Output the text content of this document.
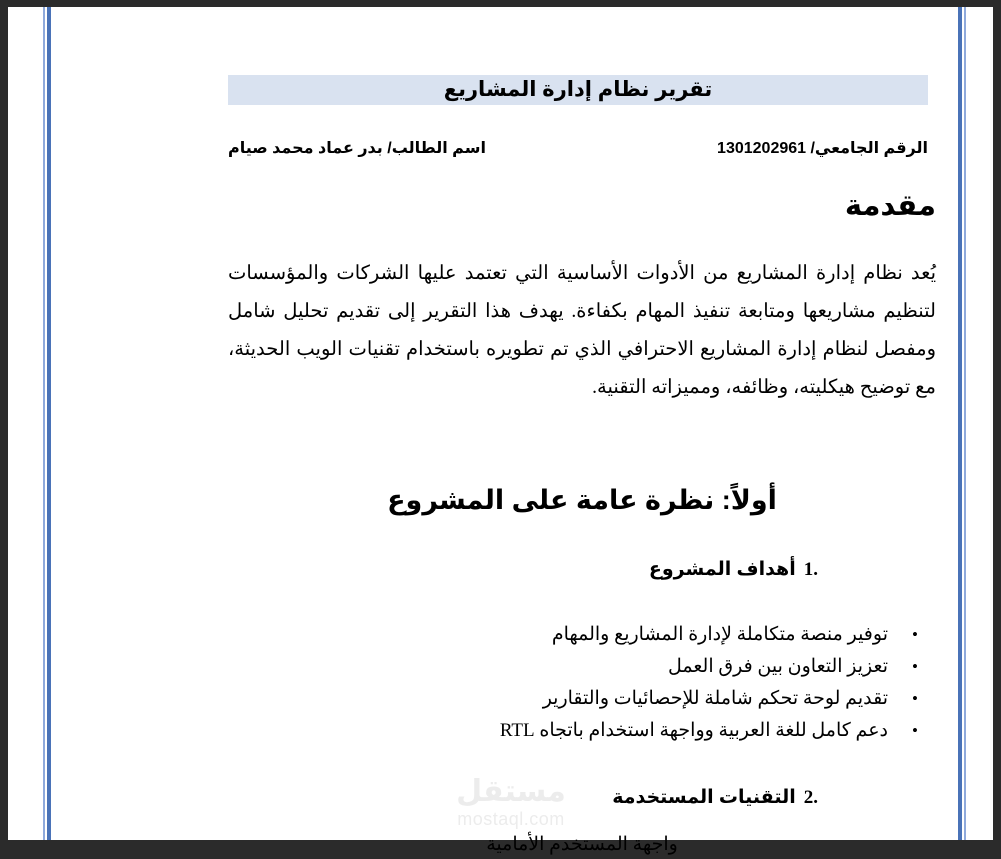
تقرير نظام إدارة المشاريع
الرقم الجامعي/ 1301202961
اسم الطالب/ بدر عماد محمد صيام
مقدمة
يُعد نظام إدارة المشاريع من الأدوات الأساسية التي تعتمد عليها الشركات والمؤسسات لتنظيم مشاريعها ومتابعة تنفيذ المهام بكفاءة. يهدف هذا التقرير إلى تقديم تحليل شامل ومفصل لنظام إدارة المشاريع الاحترافي الذي تم تطويره باستخدام تقنيات الويب الحديثة، مع توضيح هيكليته، وظائفه، ومميزاته التقنية.
أولاً: نظرة عامة على المشروع
1.أهداف المشروع
•
توفير منصة متكاملة لإدارة المشاريع والمهام
•
تعزيز التعاون بين فرق العمل
•
تقديم لوحة تحكم شاملة للإحصائيات والتقارير
•
دعم كامل للغة العربية وواجهة استخدام باتجاه RTL
2.التقنيات المستخدمة
واجهة المستخدم الأمامية
مستقل
mostaql.com
